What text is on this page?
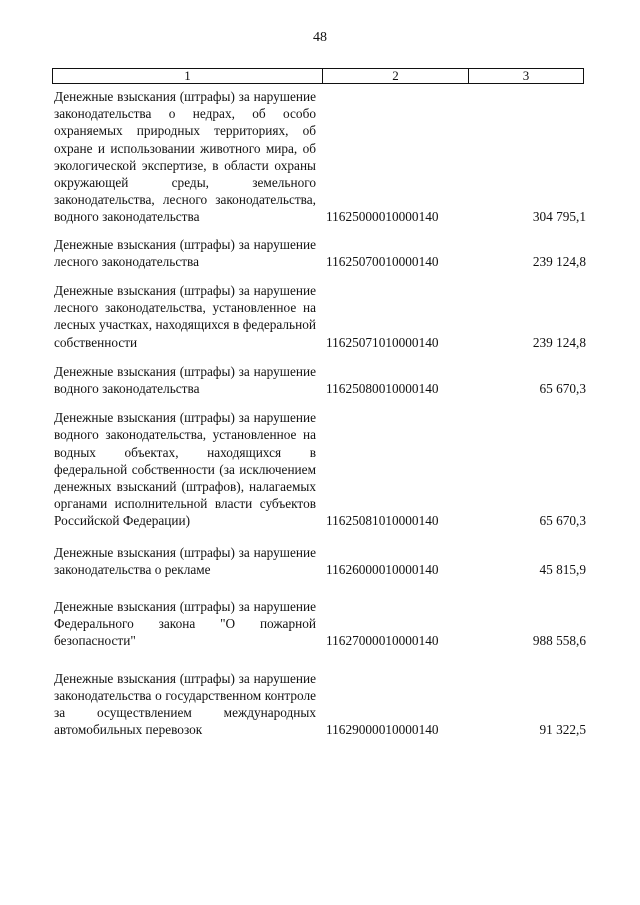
48
1	2	3
Денежные взыскания (штрафы) за нарушение законодательства о недрах, об особо охраняемых природных территориях, об охране и использовании животного мира, об экологической экспертизе, в области охраны окружающей среды, земельного законодательства, лесного законодательства, водного законодательства	11625000010000140	304 795,1
Денежные взыскания (штрафы) за нарушение лесного законодательства	11625070010000140	239 124,8
Денежные взыскания (штрафы) за нарушение лесного законодательства, установленное на лесных участках, находящихся в федеральной собственности	11625071010000140	239 124,8
Денежные взыскания (штрафы) за нарушение водного законодательства	11625080010000140	65 670,3
Денежные взыскания (штрафы) за нарушение водного законодательства, установленное на водных объектах, находящихся в федеральной собственности (за исключением денежных взысканий (штрафов), налагаемых органами исполнительной власти субъектов Российской Федерации)	11625081010000140	65 670,3
Денежные взыскания (штрафы) за нарушение законодательства о рекламе	11626000010000140	45 815,9
Денежные взыскания (штрафы) за нарушение Федерального закона "О пожарной безопасности"	11627000010000140	988 558,6
Денежные взыскания (штрафы) за нарушение законодательства о государственном контроле за осуществлением международных автомобильных перевозок	11629000010000140	91 322,5
